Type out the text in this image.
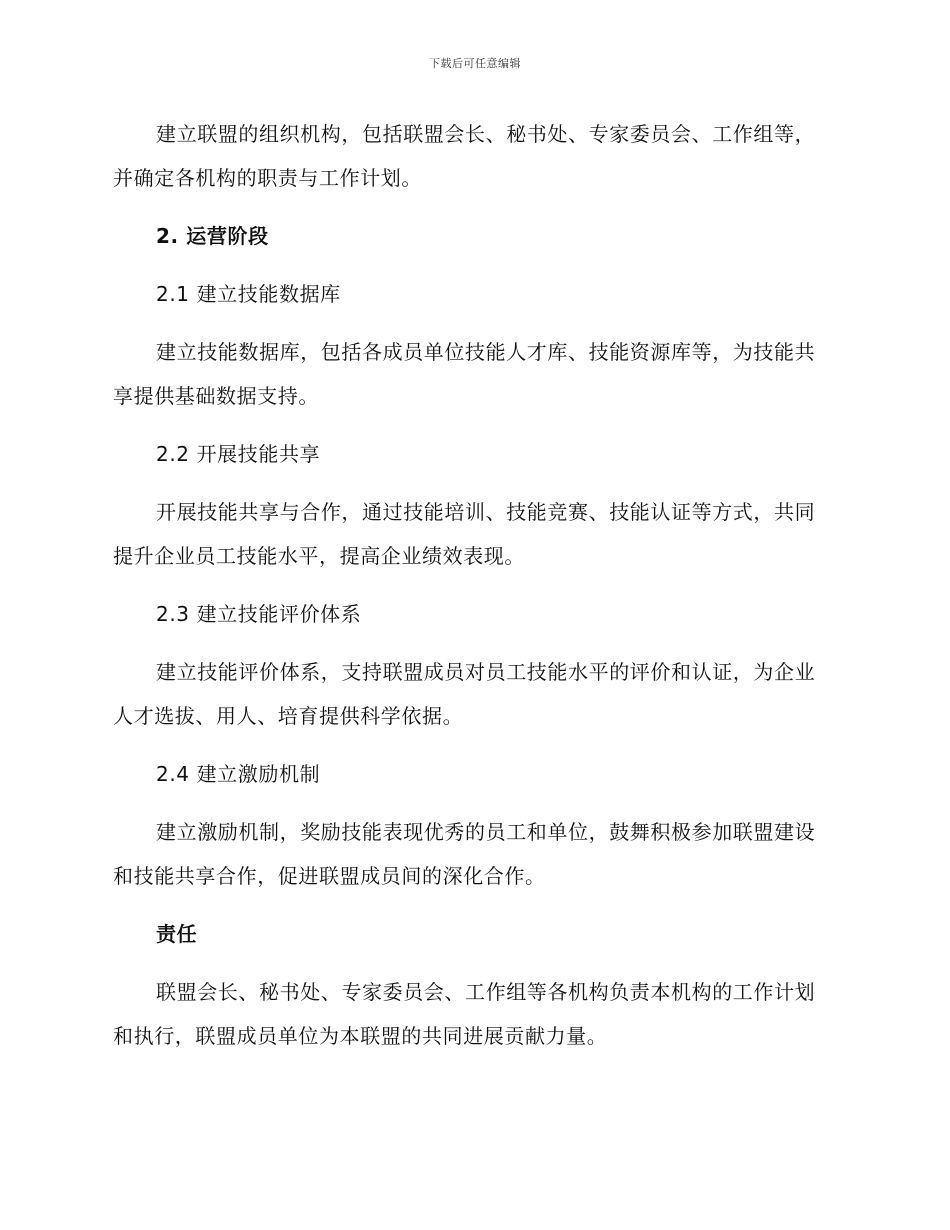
下载后可任意编辑

建立联盟的组织机构，包括联盟会长、秘书处、专家委员会、工作组等，并确定各机构的职责与工作计划。

2. 运营阶段

2.1 建立技能数据库

建立技能数据库，包括各成员单位技能人才库、技能资源库等，为技能共享提供基础数据支持。

2.2 开展技能共享

开展技能共享与合作，通过技能培训、技能竞赛、技能认证等方式，共同提升企业员工技能水平，提高企业绩效表现。

2.3 建立技能评价体系

建立技能评价体系，支持联盟成员对员工技能水平的评价和认证，为企业人才选拔、用人、培育提供科学依据。

2.4 建立激励机制

建立激励机制，奖励技能表现优秀的员工和单位，鼓舞积极参加联盟建设和技能共享合作，促进联盟成员间的深化合作。

责任

联盟会长、秘书处、专家委员会、工作组等各机构负责本机构的工作计划和执行，联盟成员单位为本联盟的共同进展贡献力量。
